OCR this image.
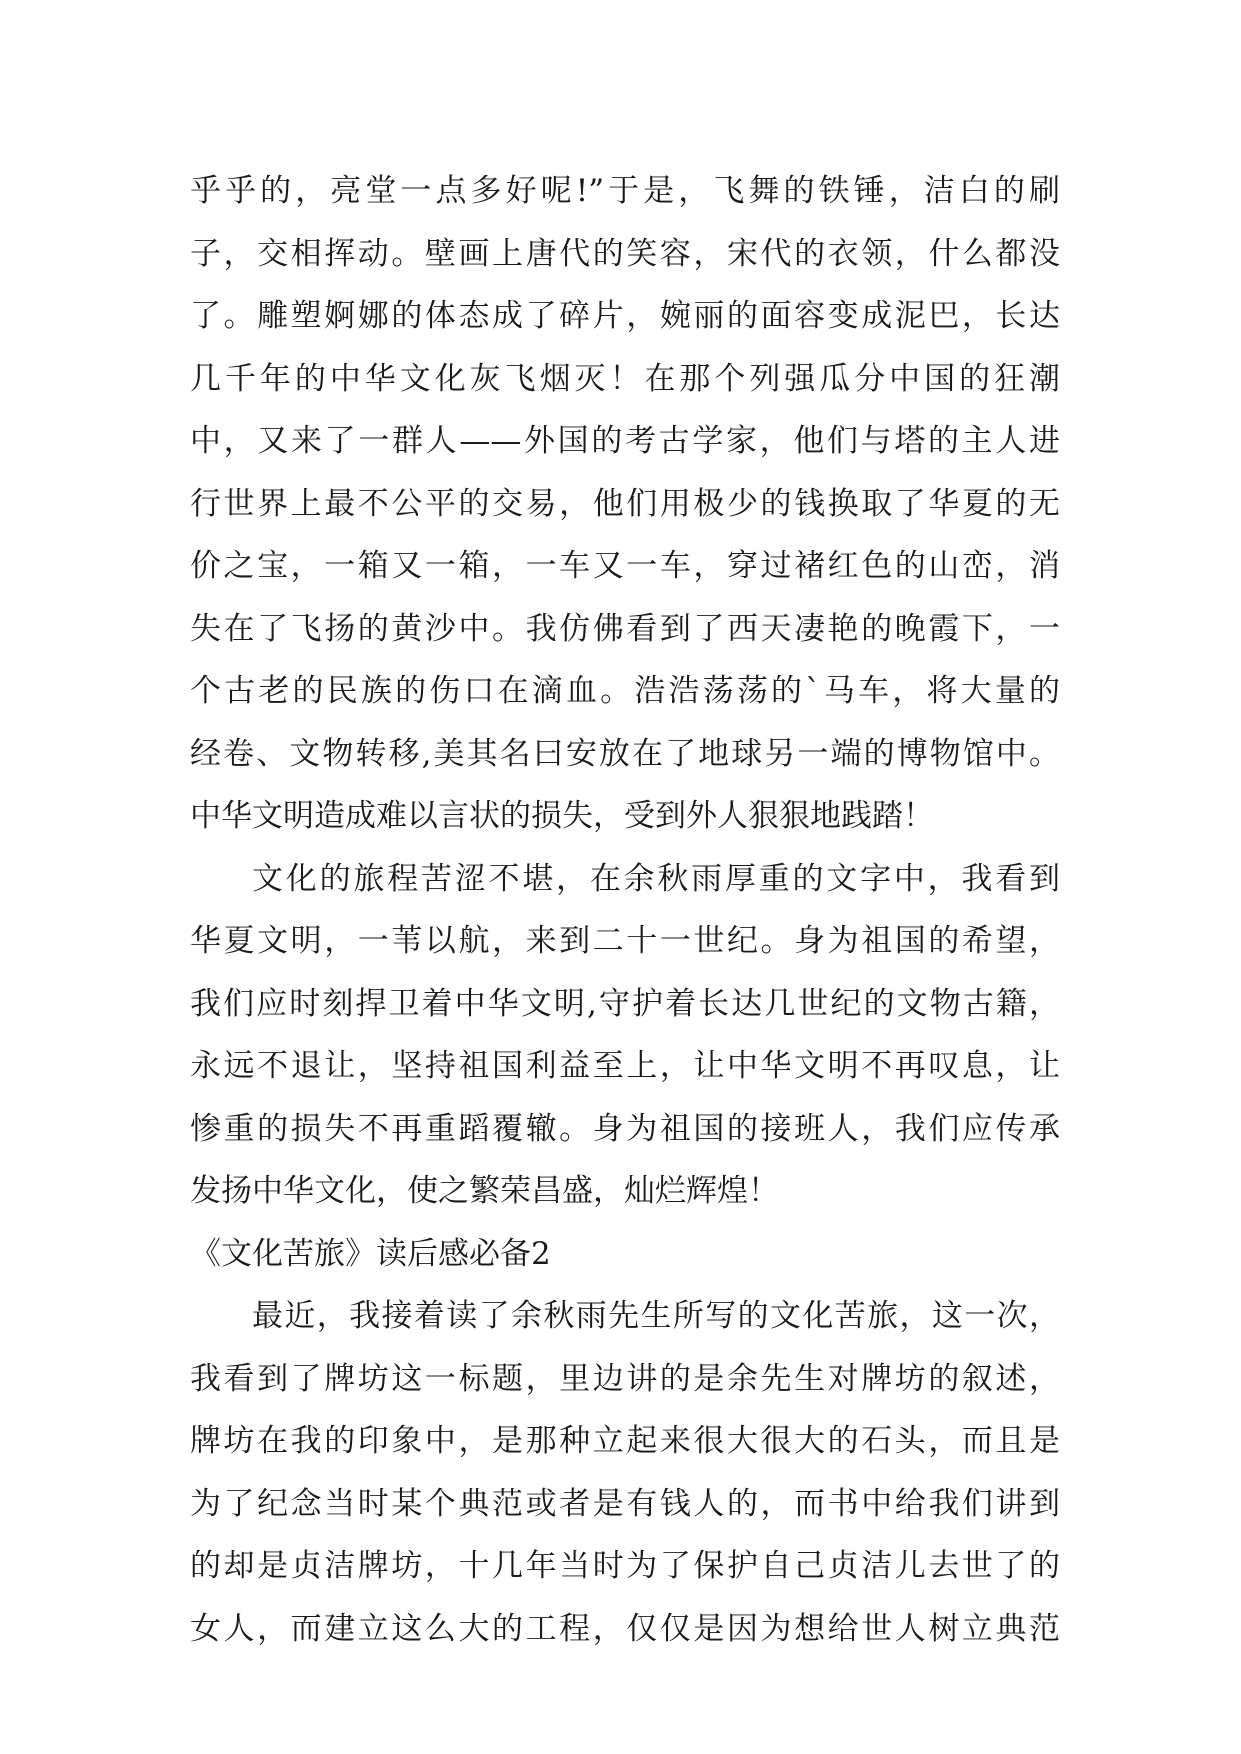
乎乎的，亮堂一点多好呢!”于是，飞舞的铁锤，洁白的刷
子，交相挥动。壁画上唐代的笑容，宋代的衣领，什么都没
了。雕塑婀娜的体态成了碎片，婉丽的面容变成泥巴，长达
几千年的中华文化灰飞烟灭！在那个列强瓜分中国的狂潮
中，又来了一群人——外国的考古学家，他们与塔的主人进
行世界上最不公平的交易，他们用极少的钱换取了华夏的无
价之宝，一箱又一箱，一车又一车，穿过褚红色的山峦，消
失在了飞扬的黄沙中。我仿佛看到了西天凄艳的晚霞下，一
个古老的民族的伤口在滴血。浩浩荡荡的`马车，将大量的
经卷、文物转移,美其名曰安放在了地球另一端的博物馆中。
中华文明造成难以言状的损失，受到外人狠狠地践踏！
文化的旅程苦涩不堪，在余秋雨厚重的文字中，我看到
华夏文明，一苇以航，来到二十一世纪。身为祖国的希望，
我们应时刻捍卫着中华文明,守护着长达几世纪的文物古籍，
永远不退让，坚持祖国利益至上，让中华文明不再叹息，让
惨重的损失不再重蹈覆辙。身为祖国的接班人，我们应传承
发扬中华文化，使之繁荣昌盛，灿烂辉煌！
《文化苦旅》读后感必备2
最近，我接着读了余秋雨先生所写的文化苦旅，这一次，
我看到了牌坊这一标题，里边讲的是余先生对牌坊的叙述，
牌坊在我的印象中，是那种立起来很大很大的石头，而且是
为了纪念当时某个典范或者是有钱人的，而书中给我们讲到
的却是贞洁牌坊，十几年当时为了保护自己贞洁儿去世了的
女人，而建立这么大的工程，仅仅是因为想给世人树立典范
